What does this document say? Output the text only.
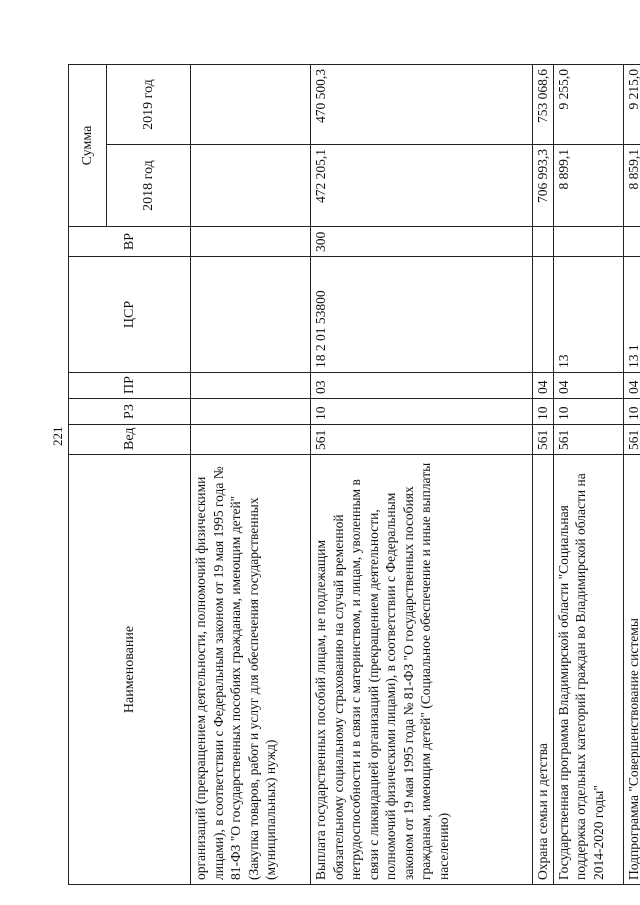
221
Наименование	Вед	РЗ	ПР	ЦСР	ВР	Сумма	
						2018 год	2019 год
организаций (прекращением деятельности, полномочий физическими лицами), в соответствии с Федеральным законом от 19 мая 1995 года № 81-ФЗ "О государственных пособиях гражданам, имеющим детей" (Закупка товаров, работ и услуг для обеспечения государственных (муниципальных) нужд)							
Выплата государственных пособий лицам, не подлежащим обязательному социальному страхованию на случай временной нетрудоспособности и в связи с материнством, и лицам, уволенным в связи с ликвидацией организаций (прекращением деятельности, полномочий физическими лицами), в соответствии с Федеральным законом от 19 мая 1995 года № 81-ФЗ "О государственных пособиях гражданам, имеющим детей" (Социальное обеспечение и иные выплаты населению)	561	10	03	18 2 01 53800	300	472 205,1	470 500,3
Охрана семьи и детства	561	10	04			706 993,3	753 068,6
Государственная программа Владимирской области "Социальная поддержка отдельных категорий граждан во Владимирской области на 2014-2020 годы"	561	10	04	13		8 899,1	9 255,0
Подпрограмма "Совершенствование системы	561	10	04	13 1		8 859,1	9 215,0
